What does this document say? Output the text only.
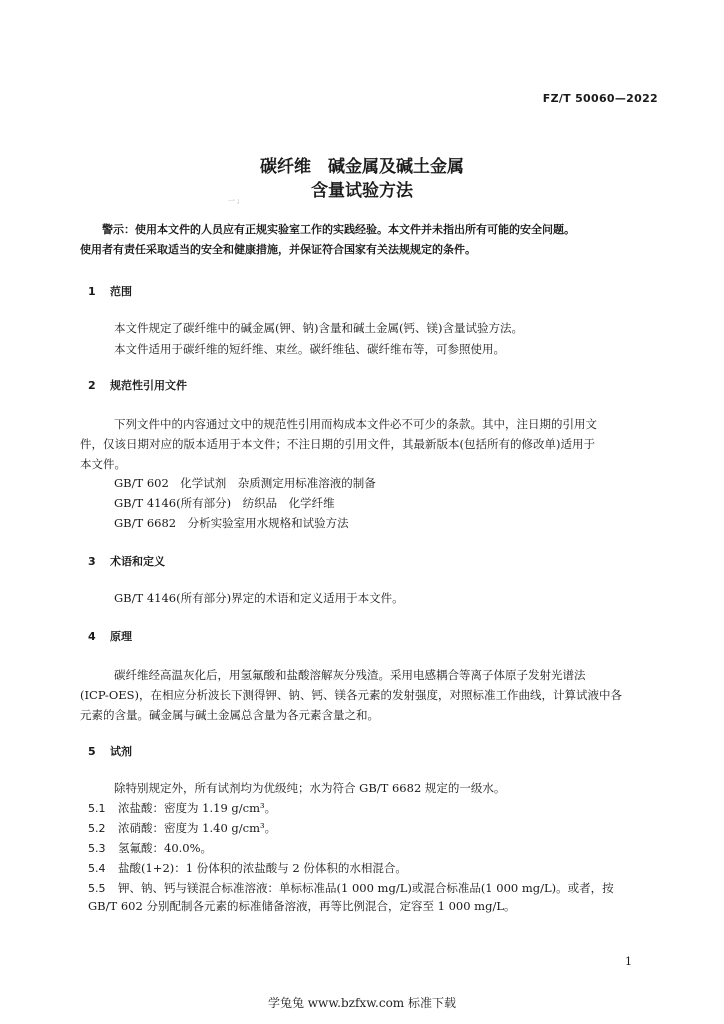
FZ/T 50060—2022
碳纤维　碱金属及碱土金属
含量试验方法
一 ;
警示：使用本文件的人员应有正规实验室工作的实践经验。本文件并未指出所有可能的安全问题。
使用者有责任采取适当的安全和健康措施，并保证符合国家有关法规规定的条件。
1 范围
本文件规定了碳纤维中的碱金属(钾、钠)含量和碱土金属(钙、镁)含量试验方法。
本文件适用于碳纤维的短纤维、束丝。碳纤维毡、碳纤维布等，可参照使用。
2 规范性引用文件
下列文件中的内容通过文中的规范性引用而构成本文件必不可少的条款。其中，注日期的引用文
件，仅该日期对应的版本适用于本文件；不注日期的引用文件，其最新版本(包括所有的修改单)适用于
本文件。
GB/T 602　化学试剂　杂质测定用标准溶液的制备
GB/T 4146(所有部分)　纺织品　化学纤维
GB/T 6682　分析实验室用水规格和试验方法
3 术语和定义
GB/T 4146(所有部分)界定的术语和定义适用于本文件。
4 原理
碳纤维经高温灰化后，用氢氟酸和盐酸溶解灰分残渣。采用电感耦合等离子体原子发射光谱法
(ICP-OES)，在相应分析波长下测得钾、钠、钙、镁各元素的发射强度，对照标准工作曲线，计算试液中各
元素的含量。碱金属与碱土金属总含量为各元素含量之和。
5 试剂
除特别规定外，所有试剂均为优级纯；水为符合 GB/T 6682 规定的一级水。
5.1 浓盐酸：密度为 1.19 g/cm³。
5.2 浓硝酸：密度为 1.40 g/cm³。
5.3 氢氟酸：40.0%。
5.4 盐酸(1+2)：1 份体积的浓盐酸与 2 份体积的水相混合。
5.5 钾、钠、钙与镁混合标准溶液：单标标准品(1 000 mg/L)或混合标准品(1 000 mg/L)。或者，按
GB/T 602 分别配制各元素的标准储备溶液，再等比例混合，定容至 1 000 mg/L。
1
学兔兔 www.bzfxw.com 标准下载
